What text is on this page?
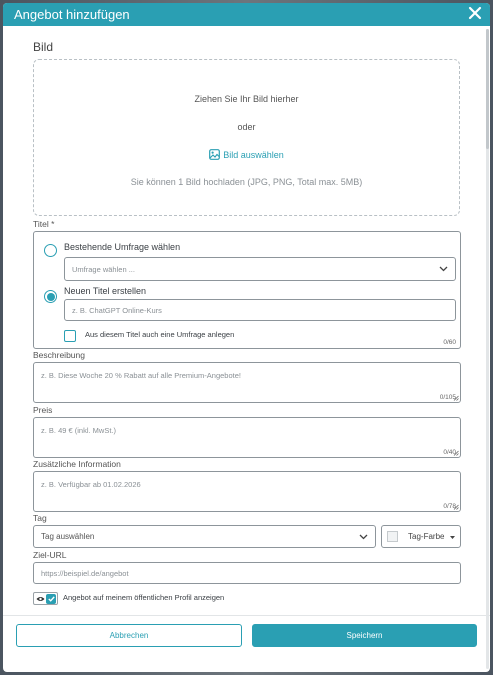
Angebot hinzufügen
Bild
Ziehen Sie Ihr Bild hierher
oder
Bild auswählen
Sie können 1 Bild hochladen (JPG, PNG, Total max. 5MB)
Titel *
Bestehende Umfrage wählen
Umfrage wählen ...
Neuen Titel erstellen
z. B. ChatGPT Online-Kurs
Aus diesem Titel auch eine Umfrage anlegen
0/60
Beschreibung
z. B. Diese Woche 20 % Rabatt auf alle Premium-Angebote!
0/105
Preis
z. B. 49 € (inkl. MwSt.)
0/40
Zusätzliche Information
z. B. Verfügbar ab 01.02.2026
0/78
Tag
Tag auswählen	Tag-Farbe
Ziel-URL
https://beispiel.de/angebot
Angebot auf meinem öffentlichen Profil anzeigen
Abbrechen	Speichern
